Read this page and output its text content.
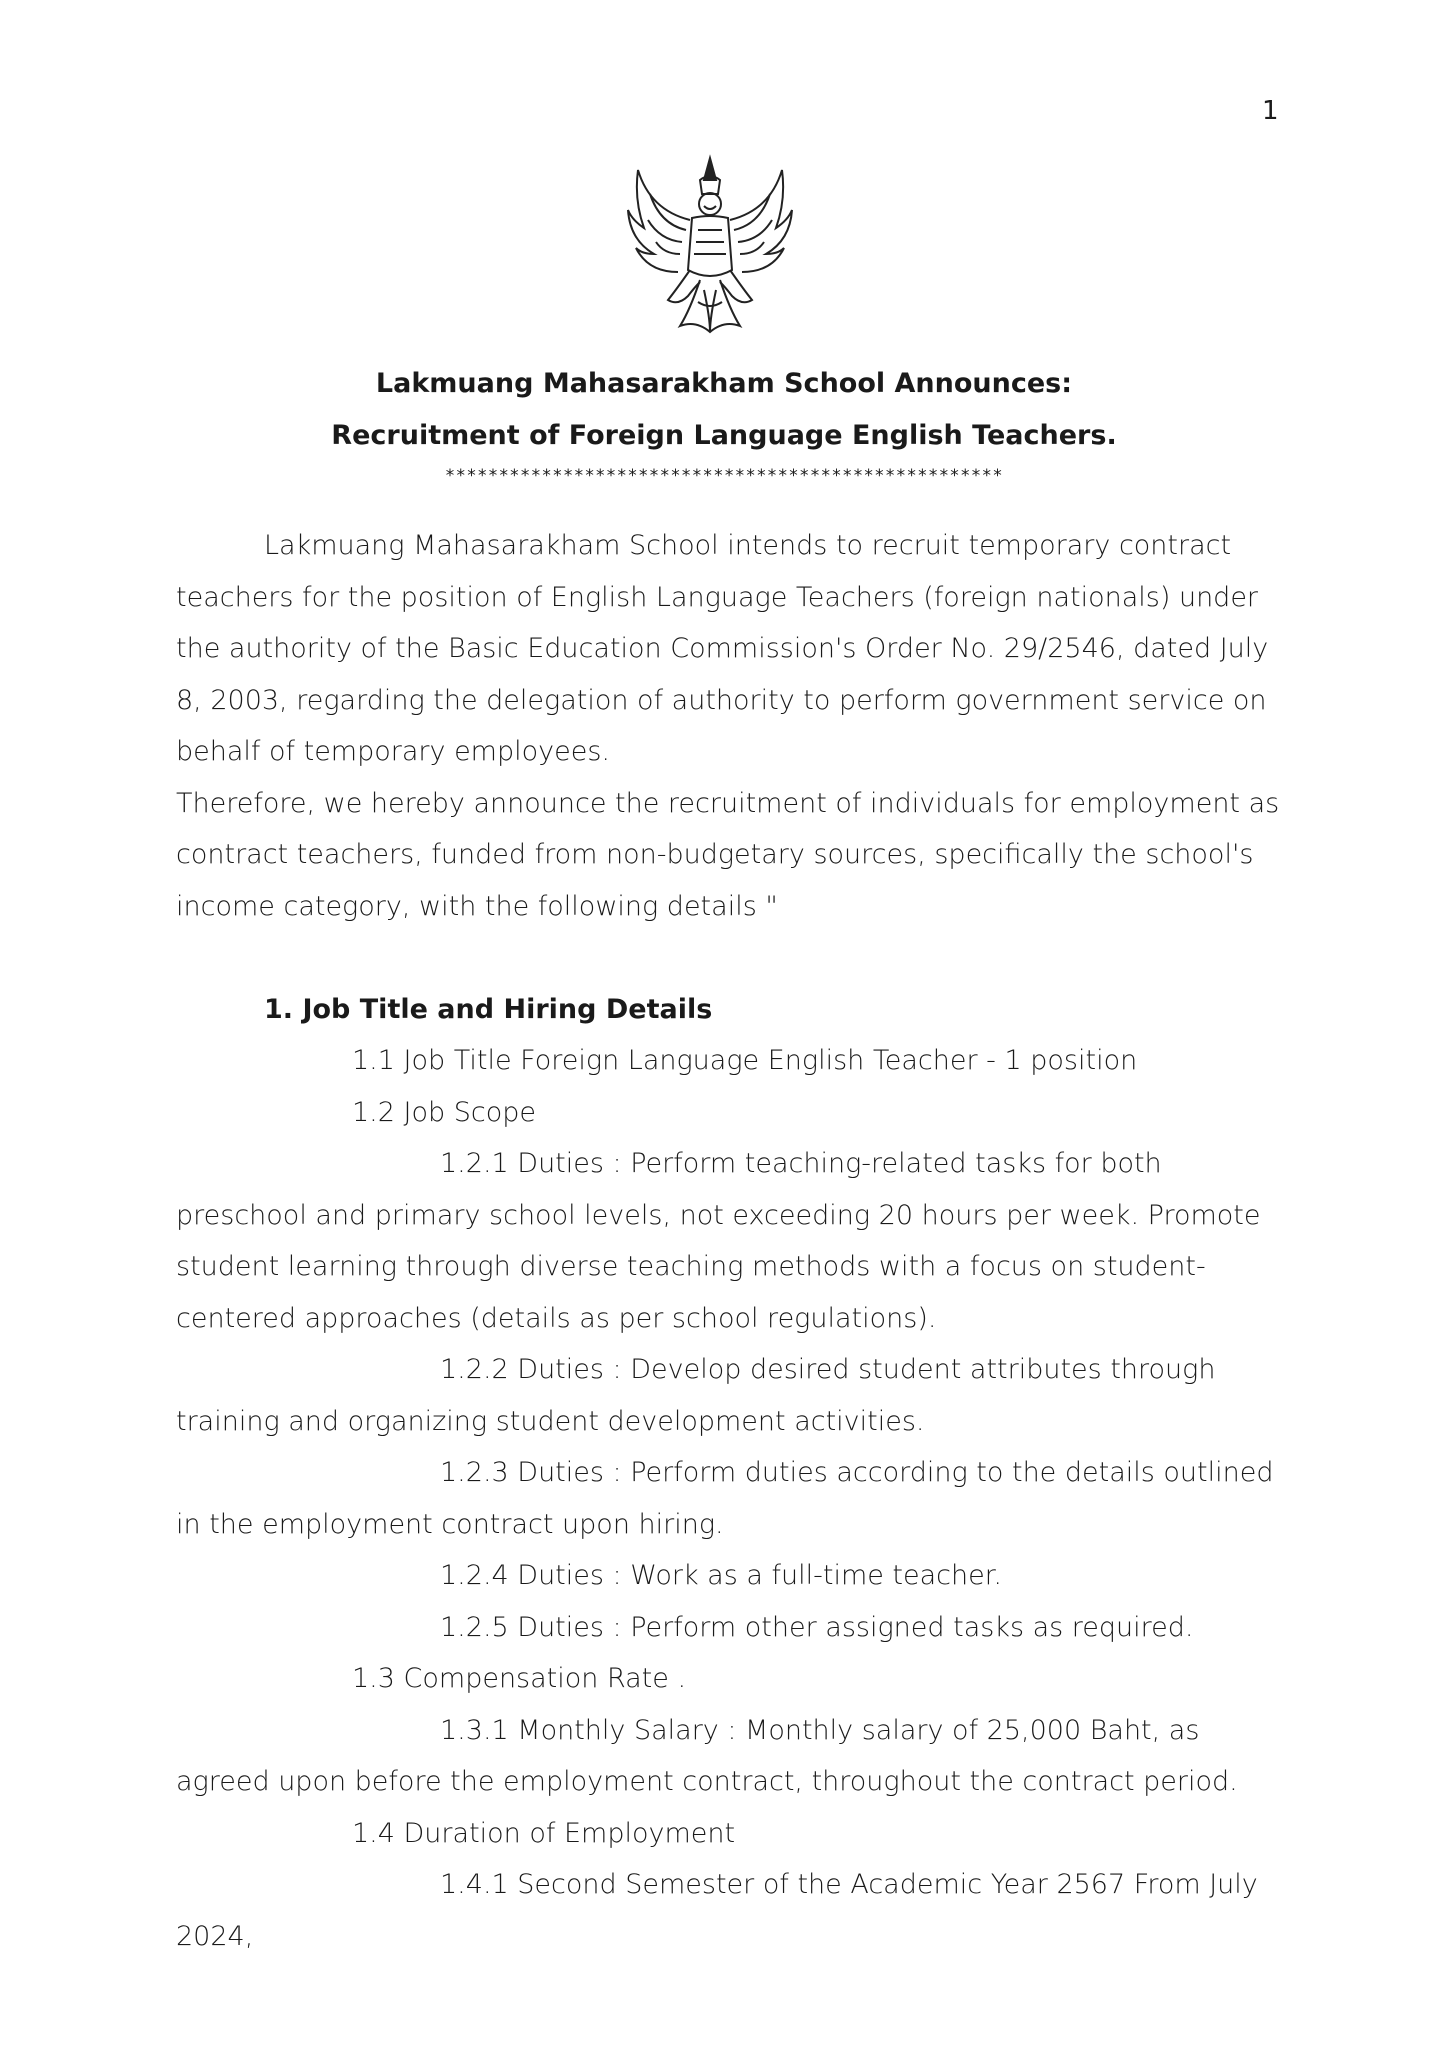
1
Lakmuang Mahasarakham School Announces:
Recruitment of Foreign Language English Teachers.
****************************************************

Lakmuang Mahasarakham School intends to recruit temporary contract teachers for the position of English Language Teachers (foreign nationals) under the authority of the Basic Education Commission's Order No. 29/2546, dated July 8, 2003, regarding the delegation of authority to perform government service on behalf of temporary employees.

Therefore, we hereby announce the recruitment of individuals for employment as contract teachers, funded from non-budgetary sources, specifically the school's income category, with the following details "

1. Job Title and Hiring Details

1.1 Job Title Foreign Language English Teacher - 1 position

1.2 Job Scope

1.2.1 Duties : Perform teaching-related tasks for both preschool and primary school levels, not exceeding 20 hours per week. Promote student learning through diverse teaching methods with a focus on student-centered approaches (details as per school regulations).

1.2.2 Duties : Develop desired student attributes through training and organizing student development activities.

1.2.3 Duties : Perform duties according to the details outlined in the employment contract upon hiring.

1.2.4 Duties : Work as a full-time teacher.

1.2.5 Duties : Perform other assigned tasks as required.

1.3 Compensation Rate .

1.3.1 Monthly Salary : Monthly salary of 25,000 Baht, as agreed upon before the employment contract, throughout the contract period.

1.4 Duration of Employment

1.4.1 Second Semester of the Academic Year 2567 From July 2024,
